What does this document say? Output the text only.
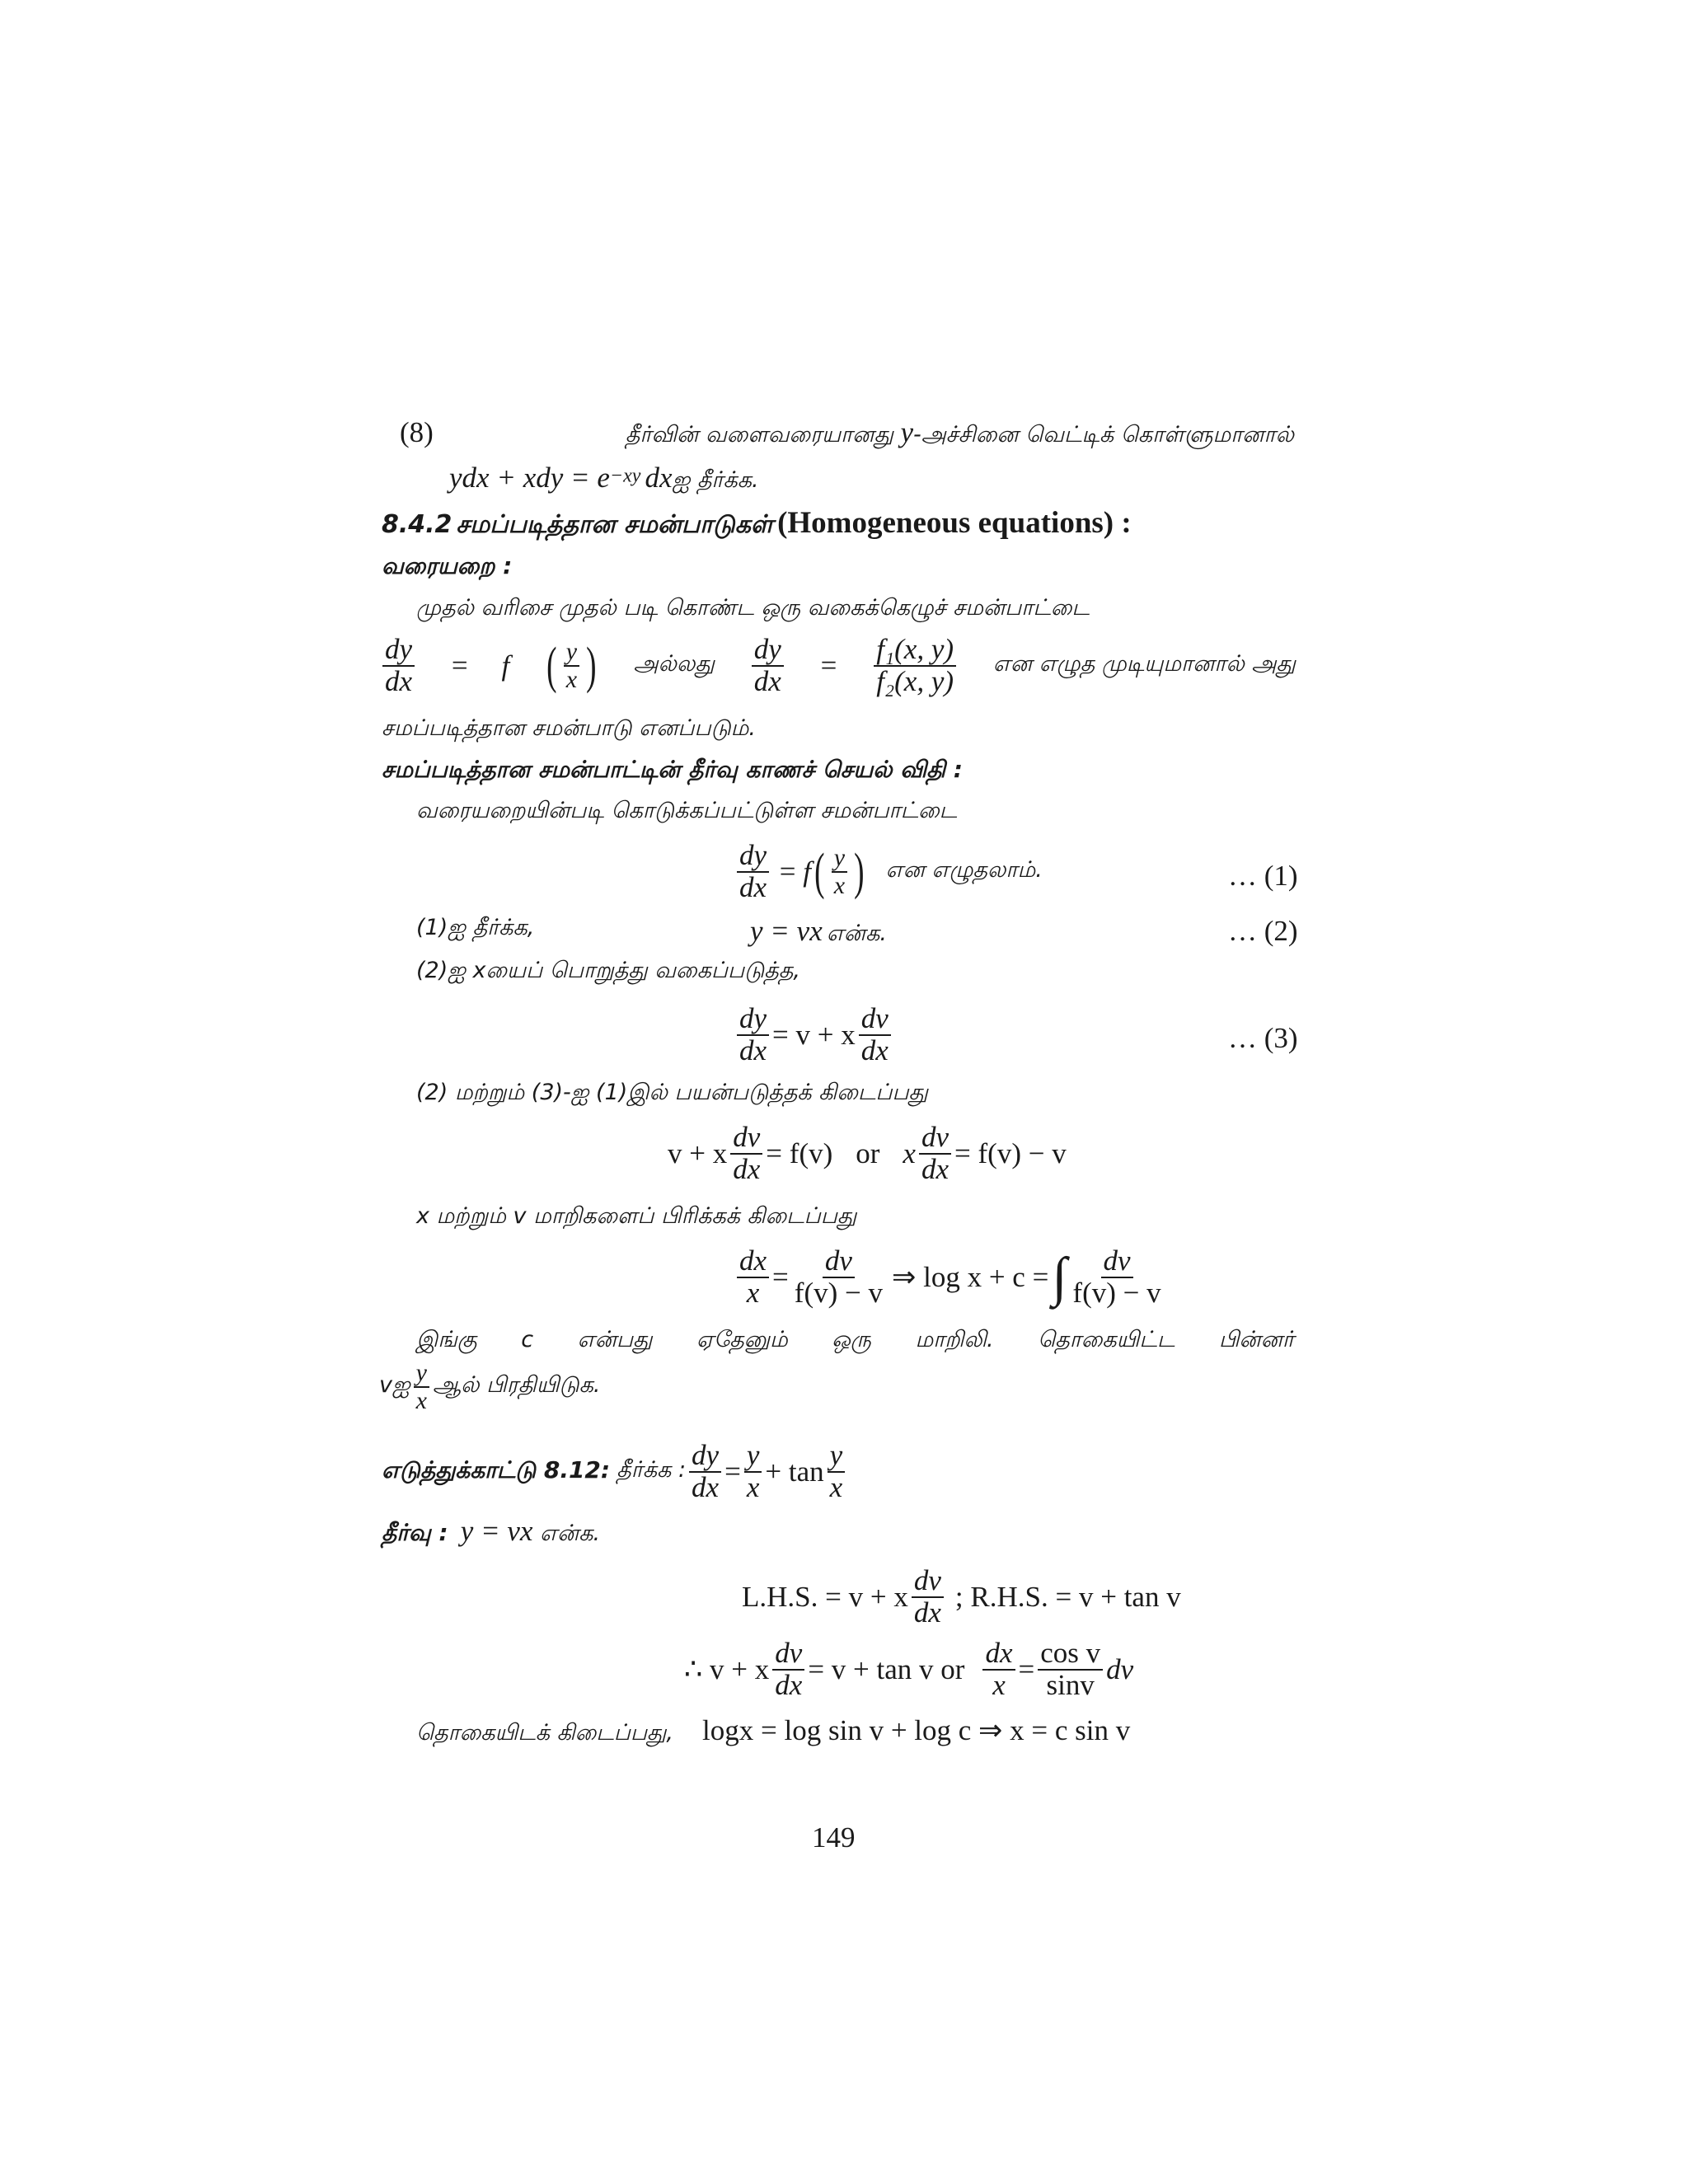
(8)	தீர்வின் வளைவரையானது y-அச்சினை வெட்டிக் கொள்ளுமானால்
ydx + xdy = $e^{-xy}$ dxஐ தீர்க்க.
8.4.2 சமப்படித்தான சமன்பாடுகள் (Homogeneous equations) :
வரையறை :
முதல் வரிசை முதல் படி கொண்ட ஒரு வகைக்கெழுச் சமன்பாட்டை
$\frac{dy}{dx} = f$ ( $\frac{y}{x}$ ) அல்லது $\frac{dy}{dx} = \frac{\text{f₁(x, y)}}{\text{f₂(x, y)}}$ என எழுத முடியுமானால் அது
சமப்படித்தான சமன்பாடு எனப்படும்.
சமப்படித்தான சமன்பாட்டின் தீர்வு காணச் செயல் விதி :
வரையறையின்படி கொடுக்கப்பட்டுள்ள சமன்பாட்டை
$\frac{dy}{dx} = f$ ( $\frac{y}{x}$ ) என எழுதலாம்.	… (1)
(1)ஐ தீர்க்க,	y = vx என்க.	… (2)
(2)ஐ xயைப் பொறுத்து வகைப்படுத்த,
$\frac{dy}{dx} = v + x \frac{dv}{dx}$	… (3)
(2) மற்றும் (3)-ஐ (1)இல் பயன்படுத்தக் கிடைப்பது
v + x $\frac{dv}{dx} = f(v)$ or x $\frac{dv}{dx} = f(v) - v$
x மற்றும் v மாறிகளைப் பிரிக்கக் கிடைப்பது
$\frac{dx}{x} = \frac{dv}{f(v) - v}$ ⇒ log x + c = ∫ $\frac{dv}{f(v) - v}$
இங்கு c என்பது ஏதேனும் ஒரு மாறிலி. தொகையிட்ட பின்னர்
vஐ $\frac{y}{x}$ ஆல் பிரதியிடுக.
எடுத்துக்காட்டு 8.12: தீர்க்க : $\frac{dy}{dx} = \frac{y}{x} + \tan \frac{y}{x}$
தீர்வு : y = vx என்க.
L.H.S. = v + x $\frac{dv}{dx}$ ; R.H.S. = v + tan v
∴ v + x $\frac{dv}{dx} = v + \tan v$ or $\frac{dx}{x} = \frac{\text{cos v}}{\sin v}$ dv
தொகையிடக் கிடைப்பது, logx = log sin v + log c ⇒ x = c sin v
149
